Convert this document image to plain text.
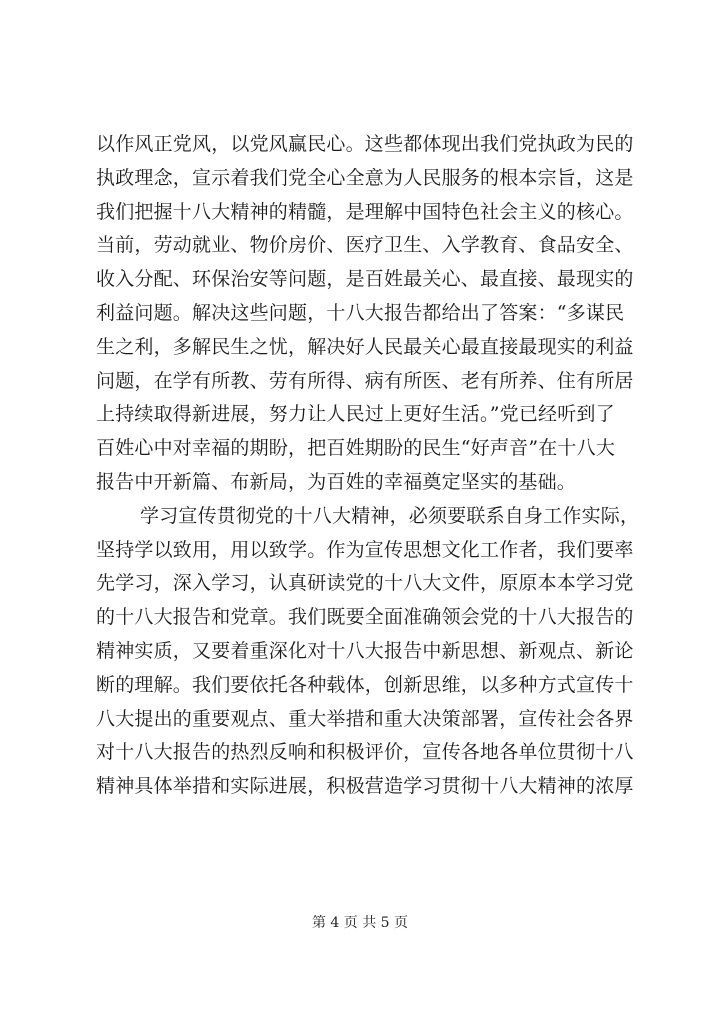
以作风正党风，以党风赢民心。这些都体现出我们党执政为民的
执政理念，宣示着我们党全心全意为人民服务的根本宗旨，这是
我们把握十八大精神的精髓，是理解中国特色社会主义的核心。
当前，劳动就业、物价房价、医疗卫生、入学教育、食品安全、
收入分配、环保治安等问题，是百姓最关心、最直接、最现实的
利益问题。解决这些问题，十八大报告都给出了答案：“多谋民
生之利，多解民生之忧，解决好人民最关心最直接最现实的利益
问题，在学有所教、劳有所得、病有所医、老有所养、住有所居
上持续取得新进展，努力让人民过上更好生活。”党已经听到了
百姓心中对幸福的期盼，把百姓期盼的民生“好声音”在十八大
报告中开新篇、布新局，为百姓的幸福奠定坚实的基础。
学习宣传贯彻党的十八大精神，必须要联系自身工作实际，
坚持学以致用，用以致学。作为宣传思想文化工作者，我们要率
先学习，深入学习，认真研读党的十八大文件，原原本本学习党
的十八大报告和党章。我们既要全面准确领会党的十八大报告的
精神实质，又要着重深化对十八大报告中新思想、新观点、新论
断的理解。我们要依托各种载体，创新思维，以多种方式宣传十
八大提出的重要观点、重大举措和重大决策部署，宣传社会各界
对十八大报告的热烈反响和积极评价，宣传各地各单位贯彻十八
精神具体举措和实际进展，积极营造学习贯彻十八大精神的浓厚
第 4 页 共 5 页
